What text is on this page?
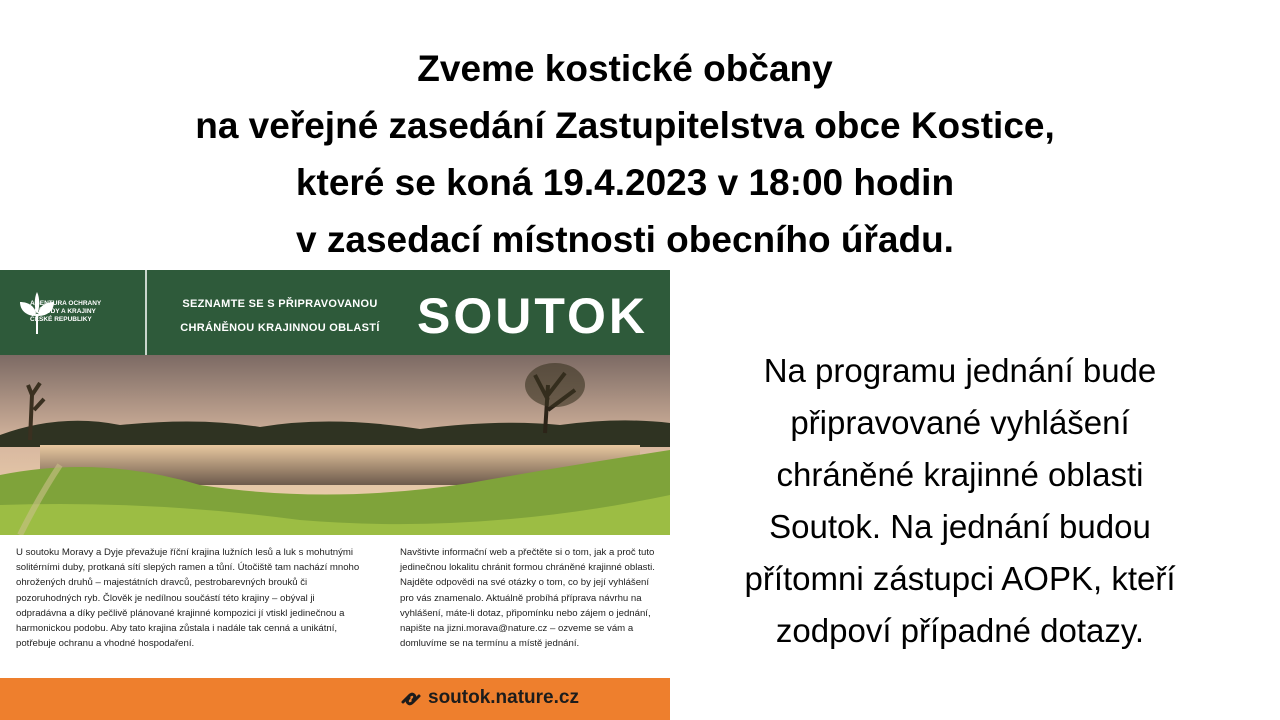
Zveme kostické občany
na veřejné zasedání Zastupitelstva obce Kostice,
které se koná 19.4.2023 v 18:00 hodin
v zasedací místnosti obecního úřadu.
AGENTURA OCHRANY
PŘÍRODY A KRAJINY
ČESKÉ REPUBLIKY
SEZNAMTE SE S PŘIPRAVOVANOU
CHRÁNĚNOU KRAJINNOU OBLASTÍ SOUTOK
U soutoku Moravy a Dyje převažuje říční krajina lužních lesů a luk s mohutnými solitérními duby, protkaná sítí slepých ramen a tůní. Útočiště tam nachází mnoho ohrožených druhů – majestátních dravců, pestrobarevných brouků či pozoruhodných ryb. Člověk je nedílnou součástí této krajiny – obýval ji odpradávna a díky pečlivě plánované krajinné kompozici jí vtiskl jedinečnou a harmonickou podobu. Aby tato krajina zůstala i nadále tak cenná a unikátní, potřebuje ochranu a vhodné hospodaření.
Navštivte informační web a přečtěte si o tom, jak a proč tuto jedinečnou lokalitu chránit formou chráněné krajinné oblasti. Najděte odpovědi na své otázky o tom, co by její vyhlášení pro vás znamenalo. Aktuálně probíhá příprava návrhu na vyhlášení, máte-li dotaz, připomínku nebo zájem o jednání, napište na jizni.morava@nature.cz – ozveme se vám a domluvíme se na termínu a místě jednání.
soutok.nature.cz
Na programu jednání bude
připravované vyhlášení
chráněné krajinné oblasti
Soutok. Na jednání budou
přítomni zástupci AOPK, kteří
zodpoví případné dotazy.
